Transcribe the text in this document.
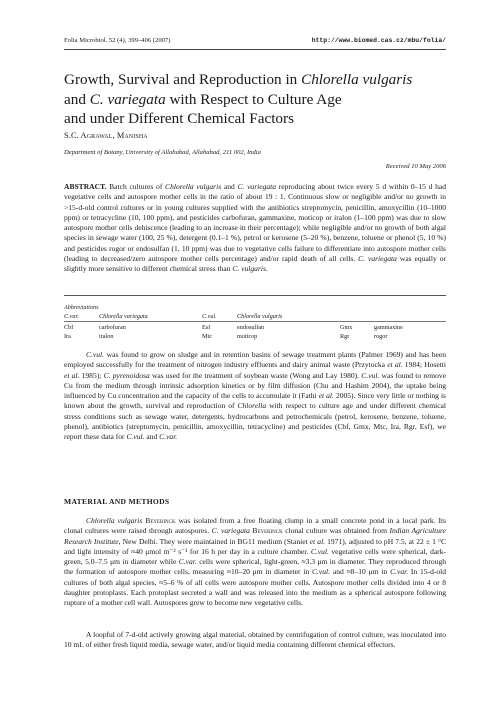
Folia Microbiol. 52 (4), 399–406 (2007)	http://www.biomed.cas.cz/mbu/folia/
Growth, Survival and Reproduction in Chlorella vulgaris
and C. variegata with Respect to Culture Age
and under Different Chemical Factors
S.C. Agrawal, Manisha
Department of Botany, University of Allahabad, Allahabad, 211 002, India
Received 10 May 2006
ABSTRACT. Batch cultures of Chlorella vulgaris and C. variegata reproducing about twice every 5 d within 0–15 d had vegetative cells and autospore mother cells in the ratio of about 19 : 1. Continuous slow or negligible and/or no growth in >15-d-old control cultures or in young cultures supplied with the antibiotics streptomycin, penicillin, amoxycillin (10–1000 ppm) or tetracycline (10, 100 ppm), and pesticides carbofuran, gammaxine, moticop or iralon (1–100 ppm) was due to slow autospore mother cells dehiscence (leading to an increase in their percentage); while negligible and/or no growth of both algal species in sewage water (100, 25 %), detergent (0.1–1 %), petrol or kerosene (5–20 %), benzene, toluene or phenol (5, 10 %) and pesticides rogor or endosulfan (1, 10 ppm) was due to vegetative cells failure to differentiate into autospore mother cells (leading to decreased/zero autospore mother cells percentage) and/or rapid death of all cells. C. variegata was equally or slightly more sensitive to different chemical stress than C. vulgaris.
Abbreviations
C.var.	Chlorella variegata	C.vul.	Chlorella vulgaris
Cbf	carbofuran	Esf	endosulfan	Gmx	gammaxine
Ira	iralon	Mtc	moticop	Rgr	rogor
C.vul. was found to grow on sludge and in retention basins of sewage treatment plants (Palmer 1969) and has been employed successfully for the treatment of nitrogen industry effluents and dairy animal waste (Przytocka et al. 1984; Hosetti et al. 1985); C. pyrenoidosa was used for the treatment of soybean waste (Wong and Lay 1980). C.vul. was found to remove Cu from the medium through intrinsic adsorption kinetics or by film diffusion (Chu and Hashim 2004), the uptake being influenced by Cu concentration and the capacity of the cells to accumulate it (Fathi et al. 2005). Since very little or nothing is known about the growth, survival and reproduction of Chlorella with respect to culture age and under different chemical stress conditions such as sewage water, detergents, hydrocarbons and petrochemicals (petrol, kerosene, benzene, toluene, phenol), antibiotics (streptomycin, penicillin, amoxycillin, tetracycline) and pesticides (Cbf, Gmx, Mtc, Ira, Rgr, Esf), we report these data for C.vul. and C.var.
MATERIAL AND METHODS
Chlorella vulgaris Beyerinck was isolated from a free floating clump in a small concrete pond in a local park. Its clonal cultures were raised through autospores. C. variegata Beyerinck clonal culture was obtained from Indian Agriculture Research Institute, New Delhi. They were maintained in BG11 medium (Staniet et al. 1971), adjusted to pH 7.5, at 22 ± 1 °C and light intensity of ≈40 μmol m⁻² s⁻¹ for 16 h per day in a culture chamber. C.vul. vegetative cells were spherical, dark-green, 5.0–7.5 μm in diameter while C.var. cells were spherical, light-green, ≈3.3 μm in diameter. They reproduced through the formation of autospore mother cells, measuring ≈10–20 μm in diameter in C.vul. and ≈8–10 μm in C.var. In 15-d-old cultures of both algal species, ≈5–6 % of all cells were autospore mother cells. Autospore mother cells divided into 4 or 8 daughter protoplasts. Each protoplast secreted a wall and was released into the medium as a spherical autospore following rupture of a mother cell wall. Autospores grew to become new vegetative cells.
A loopful of 7-d-old actively growing algal material, obtained by centrifugation of control culture, was inoculated into 10 mL of either fresh liquid media, sewage water, and/or liquid media containing different chemical effectors.
